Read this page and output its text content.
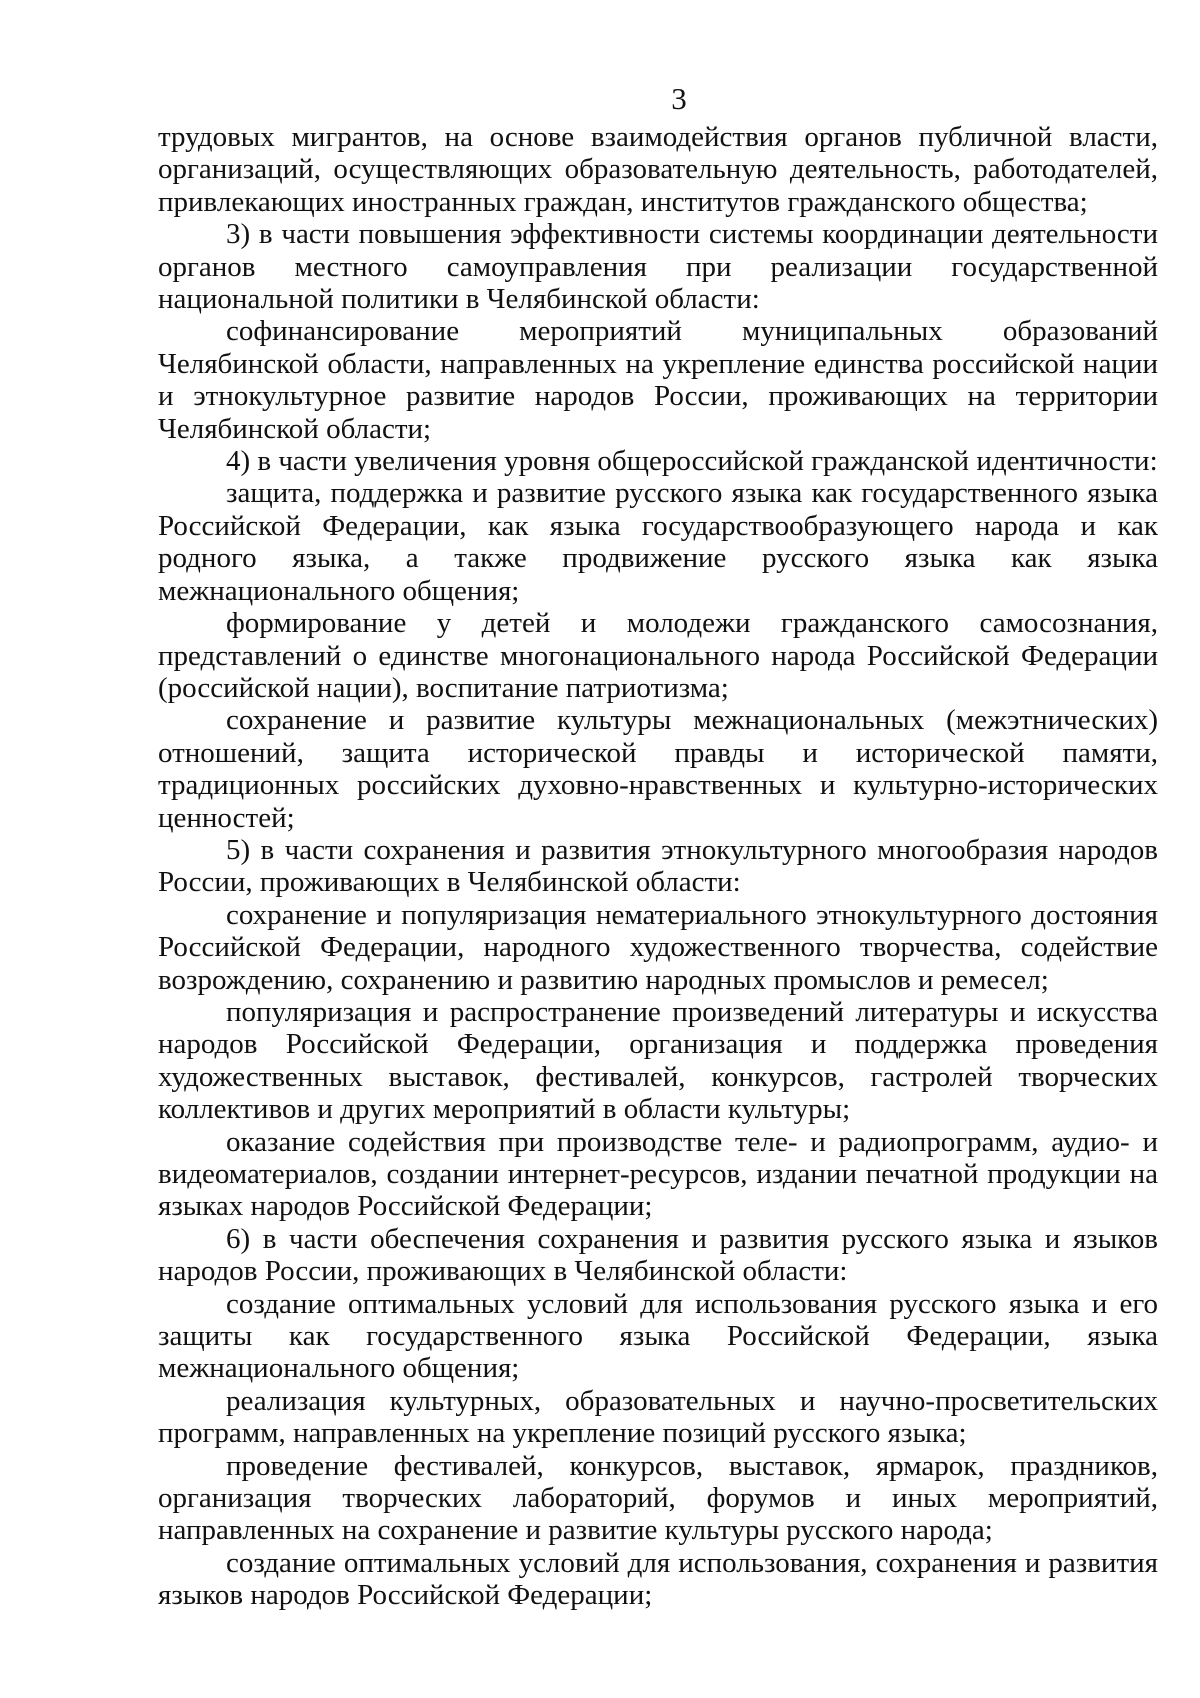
3

трудовых мигрантов, на основе взаимодействия органов публичной власти, организаций, осуществляющих образовательную деятельность, работодателей, привлекающих иностранных граждан, институтов гражданского общества;

3) в части повышения эффективности системы координации деятельности органов местного самоуправления при реализации государственной национальной политики в Челябинской области:

софинансирование мероприятий муниципальных образований Челябинской области, направленных на укрепление единства российской нации и этнокультурное развитие народов России, проживающих на территории Челябинской области;

4) в части увеличения уровня общероссийской гражданской идентичности:

защита, поддержка и развитие русского языка как государственного языка Российской Федерации, как языка государствообразующего народа и как родного языка, а также продвижение русского языка как языка межнационального общения;

формирование у детей и молодежи гражданского самосознания, представлений о единстве многонационального народа Российской Федерации (российской нации), воспитание патриотизма;

сохранение и развитие культуры межнациональных (межэтнических) отношений, защита исторической правды и исторической памяти, традиционных российских духовно-нравственных и культурно-исторических ценностей;

5) в части сохранения и развития этнокультурного многообразия народов России, проживающих в Челябинской области:

сохранение и популяризация нематериального этнокультурного достояния Российской Федерации, народного художественного творчества, содействие возрождению, сохранению и развитию народных промыслов и ремесел;

популяризация и распространение произведений литературы и искусства народов Российской Федерации, организация и поддержка проведения художественных выставок, фестивалей, конкурсов, гастролей творческих коллективов и других мероприятий в области культуры;

оказание содействия при производстве теле- и радиопрограмм, аудио- и видеоматериалов, создании интернет-ресурсов, издании печатной продукции на языках народов Российской Федерации;

6) в части обеспечения сохранения и развития русского языка и языков народов России, проживающих в Челябинской области:

создание оптимальных условий для использования русского языка и его защиты как государственного языка Российской Федерации, языка межнационального общения;

реализация культурных, образовательных и научно-просветительских программ, направленных на укрепление позиций русского языка;

проведение фестивалей, конкурсов, выставок, ярмарок, праздников, организация творческих лабораторий, форумов и иных мероприятий, направленных на сохранение и развитие культуры русского народа;

создание оптимальных условий для использования, сохранения и развития языков народов Российской Федерации;
